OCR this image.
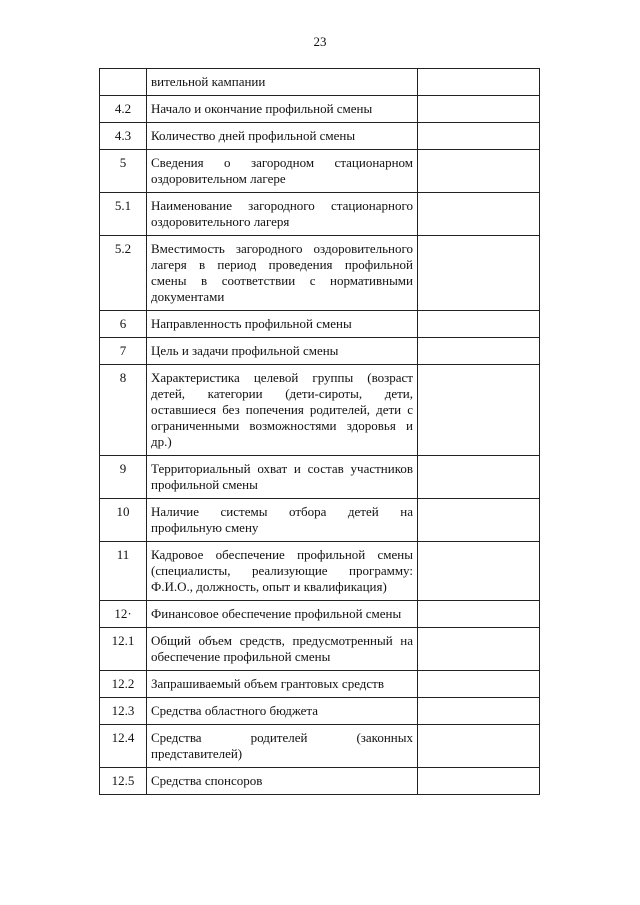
23
	вительной кампании	
4.2	Начало и окончание профильной смены	
4.3	Количество дней профильной смены	
5	Сведения о загородном стационарном оздоровительном лагере	
5.1	Наименование загородного стационарного оздоровительного лагеря	
5.2	Вместимость загородного оздоровительного лагеря в период проведения профильной смены в соответствии с нормативными документами	
6	Направленность профильной смены	
7	Цель и задачи профильной смены	
8	Характеристика целевой группы (возраст детей, категории (дети-сироты, дети, оставшиеся без попечения родителей, дети с ограниченными возможностями здоровья и др.)	
9	Территориальный охват и состав участников профильной смены	
10	Наличие системы отбора детей на профильную смену	
11	Кадровое обеспечение профильной смены (специалисты, реализующие программу: Ф.И.О., должность, опыт и квалификация)	
12·	Финансовое обеспечение профильной смены	
12.1	Общий объем средств, предусмотренный на обеспечение профильной смены	
12.2	Запрашиваемый объем грантовых средств	
12.3	Средства областного бюджета	
12.4	Средства родителей (законных представителей)	
12.5	Средства спонсоров	
